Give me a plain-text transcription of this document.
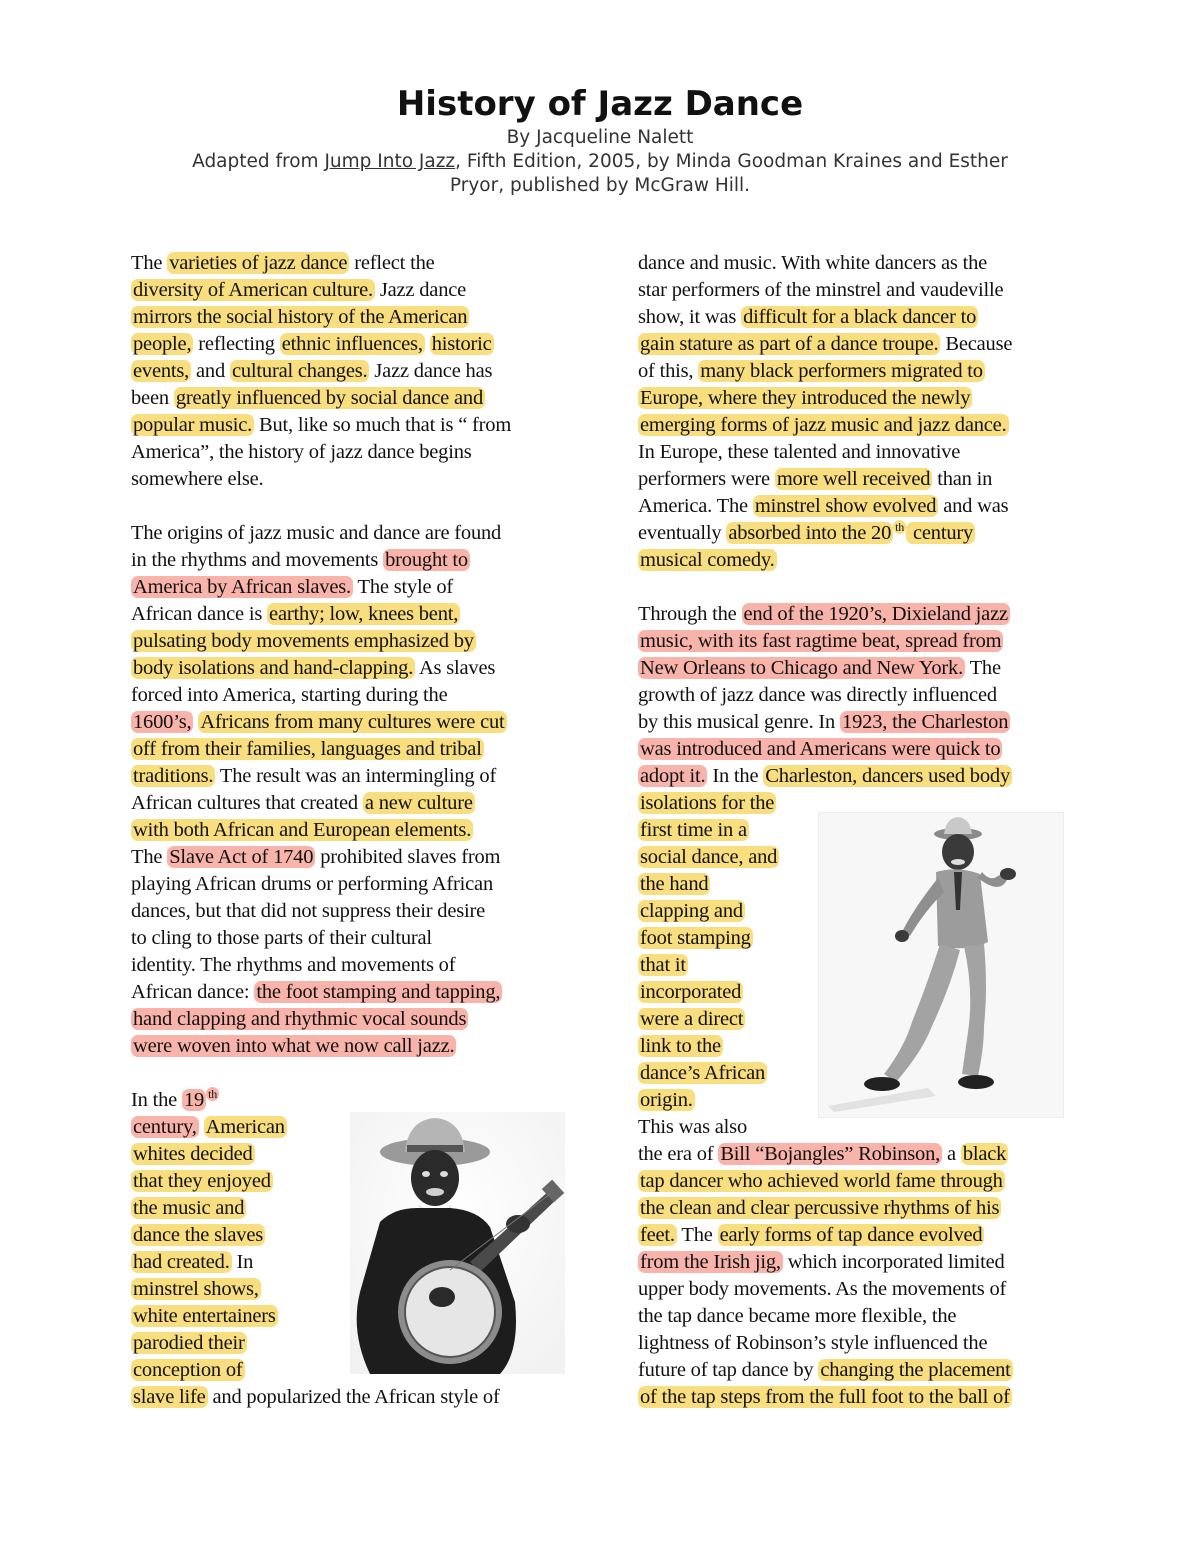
History of Jazz Dance
By Jacqueline Nalett
Adapted from Jump Into Jazz, Fifth Edition, 2005, by Minda Goodman Kraines and Esther
Pryor, published by McGraw Hill.
The varieties of jazz dance reflect the
diversity of American culture. Jazz dance
mirrors the social history of the American
people, reflecting ethnic influences, historic
events, and cultural changes. Jazz dance has
been greatly influenced by social dance and
popular music. But, like so much that is “ from
America”, the history of jazz dance begins
somewhere else.
The origins of jazz music and dance are found
in the rhythms and movements brought to
America by African slaves. The style of
African dance is earthy; low, knees bent,
pulsating body movements emphasized by
body isolations and hand-clapping. As slaves
forced into America, starting during the
1600’s, Africans from many cultures were cut
off from their families, languages and tribal
traditions. The result was an intermingling of
African cultures that created a new culture
with both African and European elements.
The Slave Act of 1740 prohibited slaves from
playing African drums or performing African
dances, but that did not suppress their desire
to cling to those parts of their cultural
identity. The rhythms and movements of
African dance: the foot stamping and tapping,
hand clapping and rhythmic vocal sounds
were woven into what we now call jazz.
In the 19 $^{th}$
century, American
whites decided
that they enjoyed
the music and
dance the slaves
had created. In
minstrel shows,
white entertainers
parodied their
conception of
slave life and popularized the African style of
dance and music. With white dancers as the
star performers of the minstrel and vaudeville
show, it was difficult for a black dancer to
gain stature as part of a dance troupe. Because
of this, many black performers migrated to
Europe, where they introduced the newly
emerging forms of jazz music and jazz dance.
In Europe, these talented and innovative
performers were more well received than in
America. The minstrel show evolved and was
eventually absorbed into the 20 $^{th}$ century
musical comedy.
Through the end of the 1920’s, Dixieland jazz
music, with its fast ragtime beat, spread from
New Orleans to Chicago and New York. The
growth of jazz dance was directly influenced
by this musical genre. In 1923, the Charleston
was introduced and Americans were quick to
adopt it. In the Charleston, dancers used body
isolations for the
first time in a
social dance, and
the hand
clapping and
foot stamping
that it
incorporated
were a direct
link to the
dance’s African
origin.
This was also
the era of Bill “Bojangles” Robinson, a black
tap dancer who achieved world fame through
the clean and clear percussive rhythms of his
feet. The early forms of tap dance evolved
from the Irish jig, which incorporated limited
upper body movements. As the movements of
the tap dance became more flexible, the
lightness of Robinson’s style influenced the
future of tap dance by changing the placement
of the tap steps from the full foot to the ball of
